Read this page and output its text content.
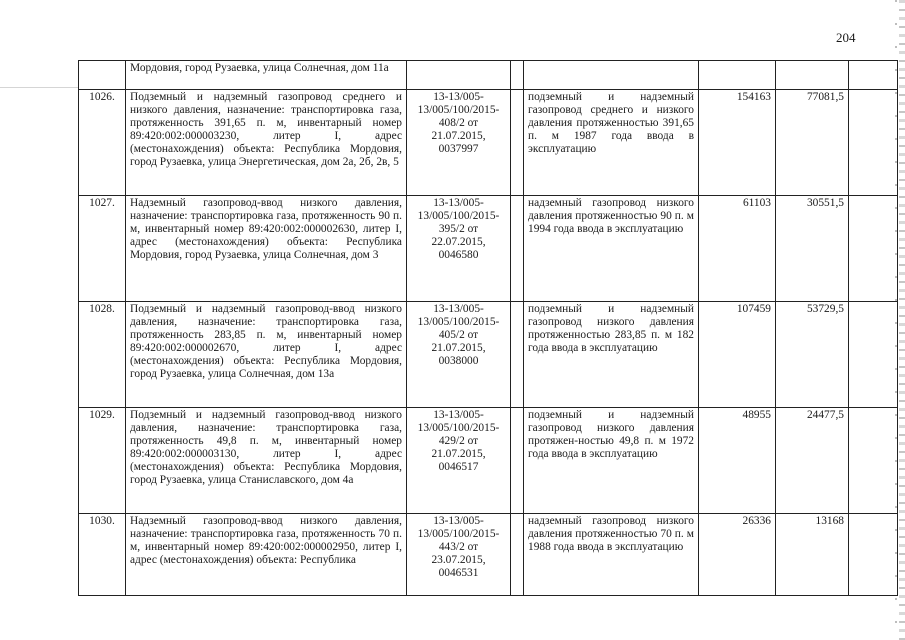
204
	Мордовия, город Рузаевка, улица Солнечная, дом 11а						
1026.	Подземный и надземный газопровод среднего и низкого давления, назначение: транспортировка газа, протяженность 391,65 п. м, инвентарный номер 89:420:002:000003230, литер I, адрес (местонахождения) объекта: Республика Мордовия, город Рузаевка, улица Энергетическая, дом 2а, 2б, 2в, 5	13-13/005-13/005/100/2015-408/2 от 21.07.2015, 0037997		подземный и надземный газопровод среднего и низкого давления протяженностью 391,65 п. м 1987 года ввода в эксплуатацию	154163	77081,5	
1027.	Надземный газопровод-ввод низкого давления, назначение: транспортировка газа, протяженность 90 п. м, инвентарный номер 89:420:002:000002630, литер I, адрес (местонахождения) объекта: Республика Мордовия, город Рузаевка, улица Солнечная, дом 3	13-13/005-13/005/100/2015-395/2 от 22.07.2015, 0046580		надземный газопровод низкого давления протяженностью 90 п. м 1994 года ввода в эксплуатацию	61103	30551,5	
1028.	Подземный и надземный газопровод-ввод низкого давления, назначение: транспортировка газа, протяженность 283,85 п. м, инвентарный номер 89:420:002:000002670, литер I, адрес (местонахождения) объекта: Республика Мордовия, город Рузаевка, улица Солнечная, дом 13а	13-13/005-13/005/100/2015-405/2 от 21.07.2015, 0038000		подземный и надземный газопровод низкого давления протяженностью 283,85 п. м 182 года ввода в эксплуатацию	107459	53729,5	
1029.	Подземный и надземный газопровод-ввод низкого давления, назначение: транспортировка газа, протяженность 49,8 п. м, инвентарный номер 89:420:002:000003130, литер I, адрес (местонахождения) объекта: Республика Мордовия, город Рузаевка, улица Станиславского, дом 4а	13-13/005-13/005/100/2015-429/2 от 21.07.2015, 0046517		подземный и надземный газопровод низкого давления протяжен-ностью 49,8 п. м 1972 года ввода в эксплуатацию	48955	24477,5	
1030.	Надземный газопровод-ввод низкого давления, назначение: транспортировка газа, протяженность 70 п. м, инвентарный номер 89:420:002:000002950, литер I, адрес (местонахождения) объекта: Республика	13-13/005-13/005/100/2015-443/2 от 23.07.2015, 0046531		надземный газопровод низкого давления протяженностью 70 п. м 1988 года ввода в эксплуатацию	26336	13168	
